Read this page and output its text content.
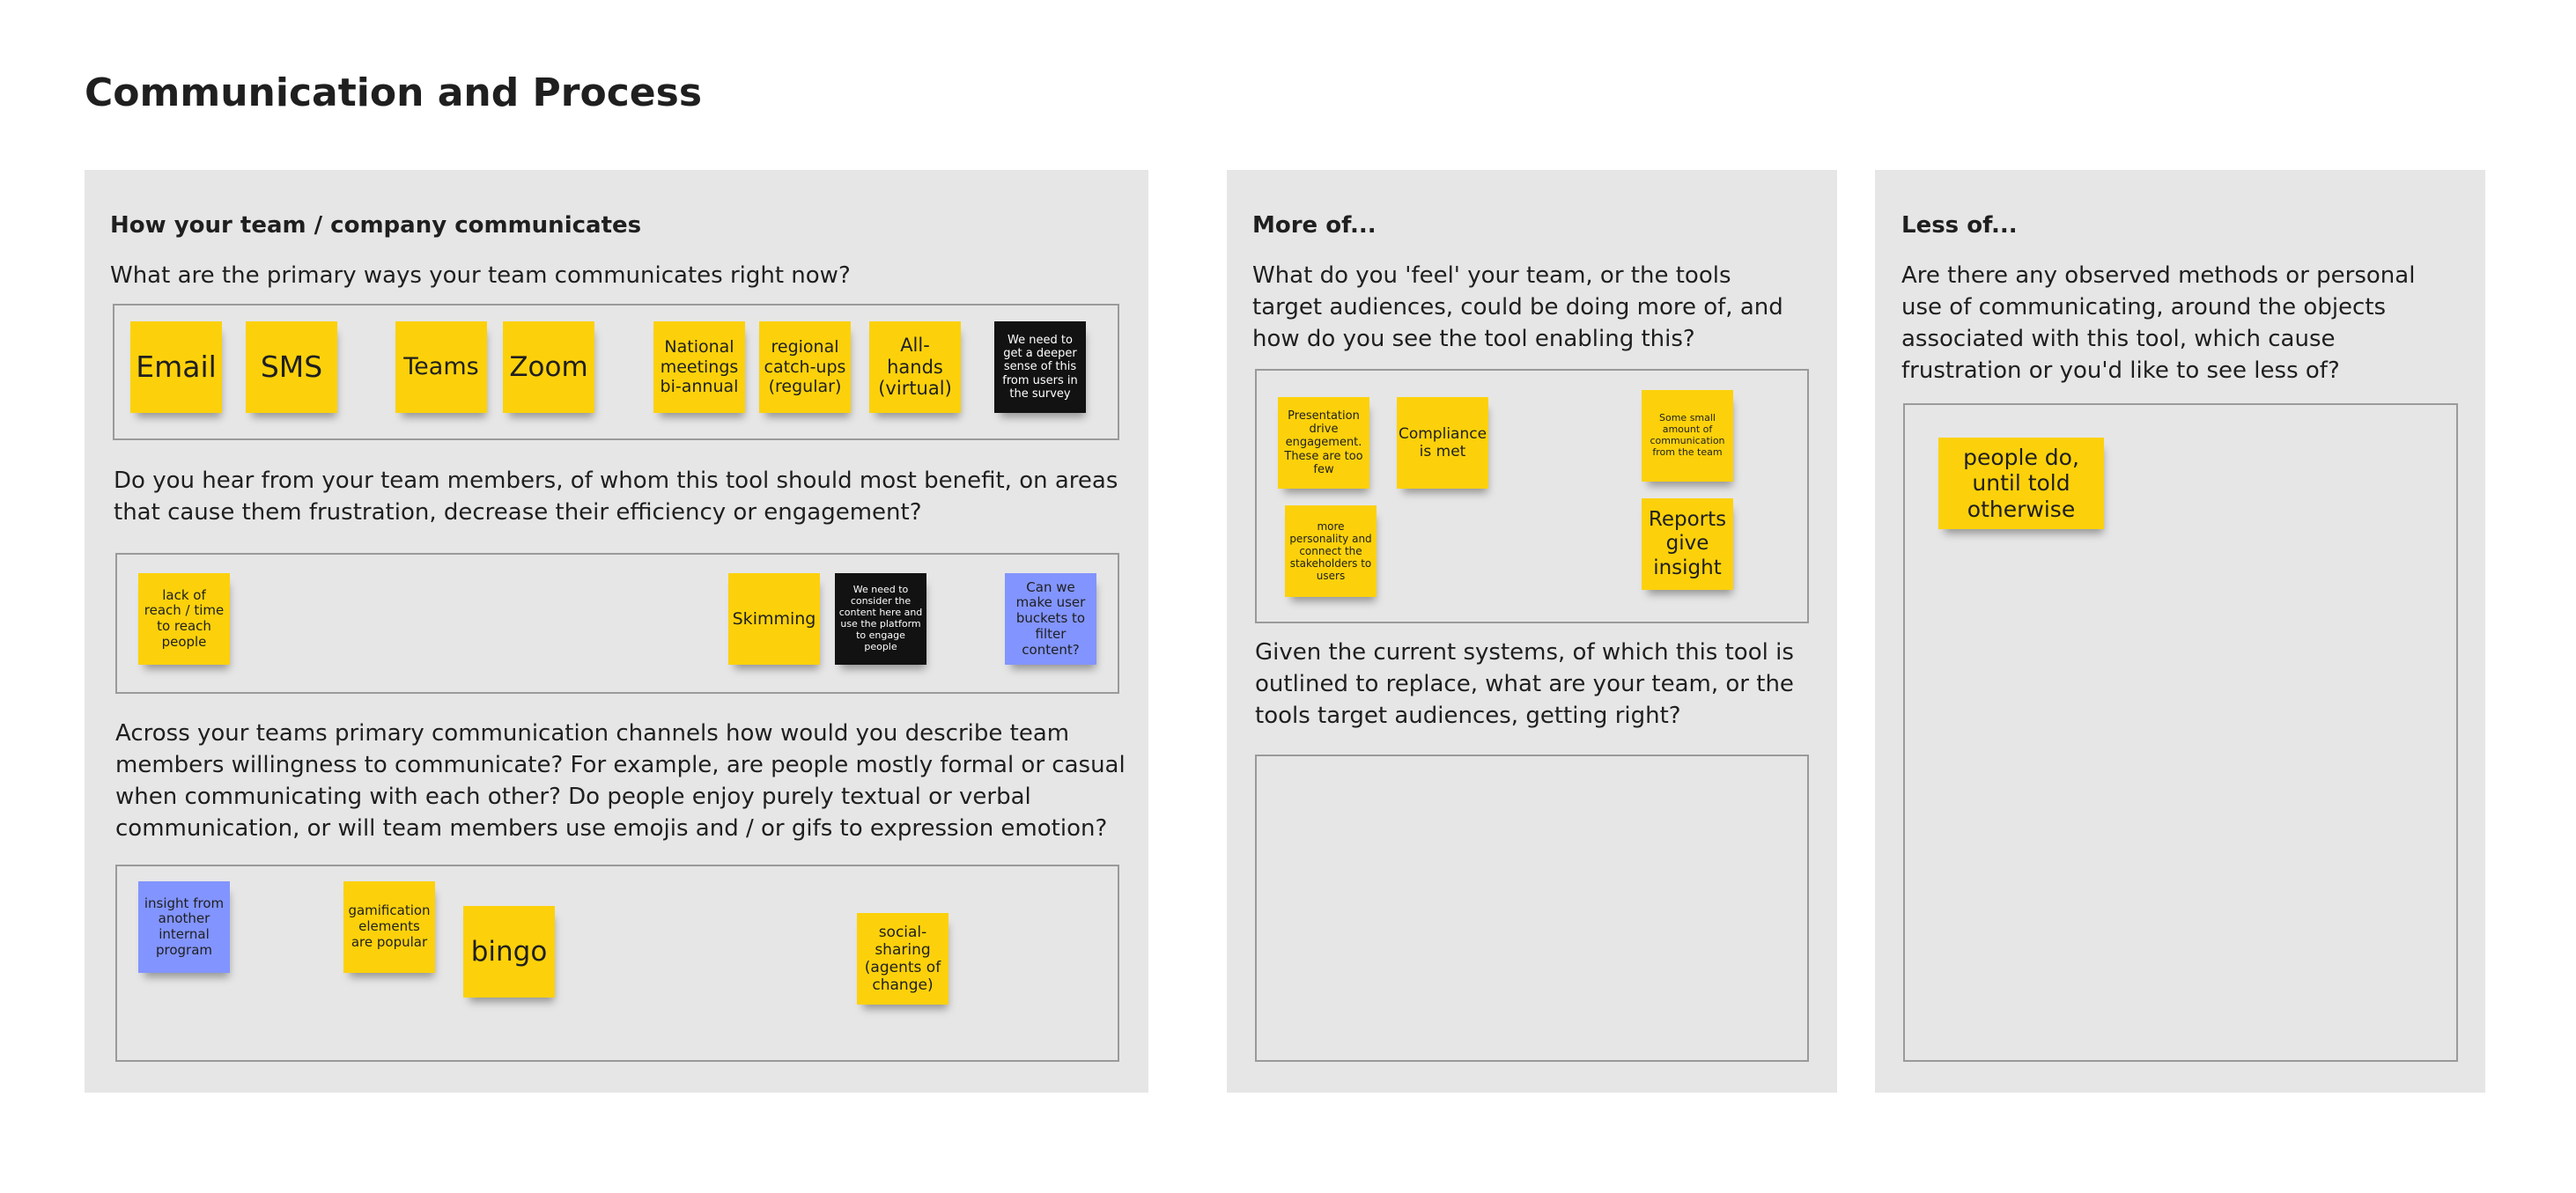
Communication and Process
How your team / company communicates
What are the primary ways your team communicates right now?
Email	SMS	Teams Zoom
National meetings bi-annual
regional catch-ups (regular)
All-hands (virtual)
We need to get a deeper sense of this from users in the survey
Do you hear from your team members, of whom this tool should most benefit, on areas that cause them frustration, decrease their efficiency or engagement?
lack of reach / time to reach people
Skimming
We need to consider the content here and use the platform to engage people
Can we make user buckets to filter content?
Across your teams primary communication channels how would you describe team members willingness to communicate? For example, are people mostly formal or casual when communicating with each other? Do people enjoy purely textual or verbal communication, or will team members use emojis and / or gifs to expression emotion?
insight from another internal program
gamification elements are popular bingo
social-sharing (agents of change)
More of...
What do you 'feel' your team, or the tools target audiences, could be doing more of, and how do you see the tool enabling this?
Presentation drive engagement. These are too few
Compliance is met
Some small amount of communication from the team
more personality and connect the stakeholders to users
Reports give insight
Given the current systems, of which this tool is outlined to replace, what are your team, or the tools target audiences, getting right?
Less of...
Are there any observed methods or personal use of communicating, around the objects associated with this tool, which cause frustration or you'd like to see less of?
people do, until told otherwise
